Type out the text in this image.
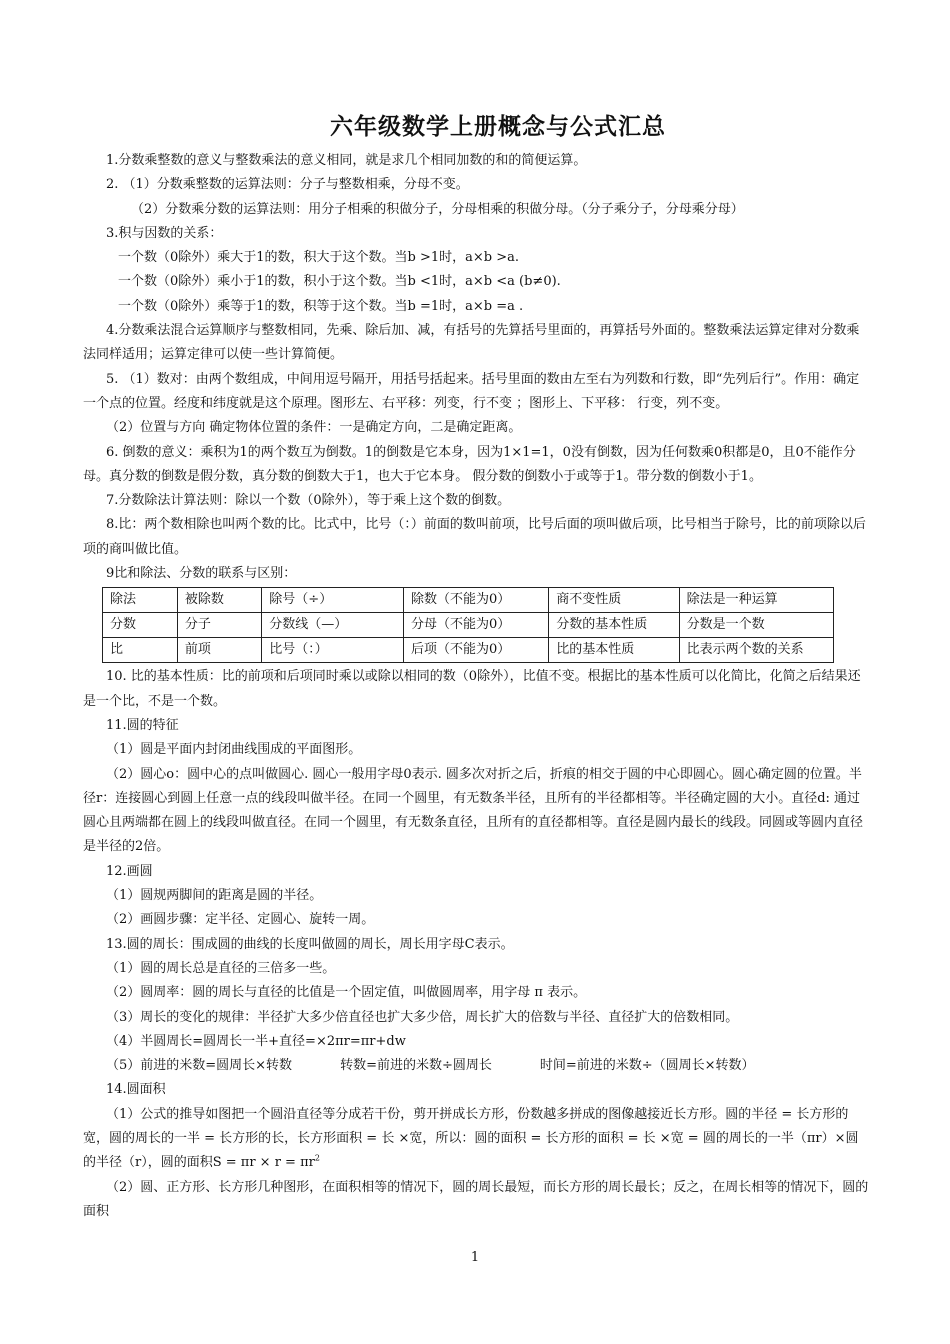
六年级数学上册概念与公式汇总

1.分数乘整数的意义与整数乘法的意义相同，就是求几个相同加数的和的简便运算。

2. （1）分数乘整数的运算法则：分子与整数相乘，分母不变。

（2）分数乘分数的运算法则：用分子相乘的积做分子，分母相乘的积做分母。（分子乘分子，分母乘分母）

3.积与因数的关系：

一个数（0除外）乘大于1的数，积大于这个数。当b >1时，a×b >a.

一个数（0除外）乘小于1的数，积小于这个数。当b <1时，a×b <a (b≠0).

一个数（0除外）乘等于1的数，积等于这个数。当b =1时，a×b =a .

4.分数乘法混合运算顺序与整数相同，先乘、除后加、减，有括号的先算括号里面的，再算括号外面的。整数乘法运算定律对分数乘法同样适用；运算定律可以使一些计算简便。

5. （1）数对：由两个数组成，中间用逗号隔开，用括号括起来。括号里面的数由左至右为列数和行数，即“先列后行”。作用：确定一个点的位置。经度和纬度就是这个原理。图形左、右平移：列变，行不变 ；图形上、下平移： 行变，列不变。

（2）位置与方向 确定物体位置的条件：一是确定方向，二是确定距离。

6. 倒数的意义：乘积为1的两个数互为倒数。1的倒数是它本身，因为1×1=1，0没有倒数，因为任何数乘0积都是0，且0不能作分母。真分数的倒数是假分数，真分数的倒数大于1，也大于它本身。 假分数的倒数小于或等于1。带分数的倒数小于1。

7.分数除法计算法则：除以一个数（0除外），等于乘上这个数的倒数。

8.比：两个数相除也叫两个数的比。比式中，比号（：）前面的数叫前项，比号后面的项叫做后项，比号相当于除号，比的前项除以后项的商叫做比值。

9比和除法、分数的联系与区别：

除法	被除数	除号（÷）	除数（不能为0）	商不变性质	除法是一种运算
分数	分子	分数线（—）	分母（不能为0）	分数的基本性质	分数是一个数
比	前项	比号（：）	后项（不能为0）	比的基本性质	比表示两个数的关系

10. 比的基本性质：比的前项和后项同时乘以或除以相同的数（0除外），比值不变。根据比的基本性质可以化简比，化简之后结果还是一个比，不是一个数。

11.圆的特征

（1）圆是平面内封闭曲线围成的平面图形。

（2）圆心o：圆中心的点叫做圆心. 圆心一般用字母0表示. 圆多次对折之后，折痕的相交于圆的中心即圆心。圆心确定圆的位置。半径r：连接圆心到圆上任意一点的线段叫做半径。在同一个圆里，有无数条半径，且所有的半径都相等。半径确定圆的大小。直径d: 通过圆心且两端都在圆上的线段叫做直径。在同一个圆里，有无数条直径，且所有的直径都相等。直径是圆内最长的线段。同圆或等圆内直径是半径的2倍。

12.画圆

（1）圆规两脚间的距离是圆的半径。

（2）画圆步骤：定半径、定圆心、旋转一周。

13.圆的周长：围成圆的曲线的长度叫做圆的周长，周长用字母C表示。

（1）圆的周长总是直径的三倍多一些。

（2）圆周率：圆的周长与直径的比值是一个固定值，叫做圆周率，用字母 π 表示。

（3）周长的变化的规律：半径扩大多少倍直径也扩大多少倍，周长扩大的倍数与半径、直径扩大的倍数相同。

（4）半圆周长=圆周长一半+直径=×2πr=πr+dw

（5）前进的米数=圆周长×转数	转数=前进的米数÷圆周长	时间=前进的米数÷（圆周长×转数）

14.圆面积

（1）公式的推导如图把一个圆沿直径等分成若干份，剪开拼成长方形，份数越多拼成的图像越接近长方形。圆的半径 = 长方形的宽，圆的周长的一半 = 长方形的长，长方形面积 = 长 ×宽，所以：圆的面积 = 长方形的面积 = 长 ×宽 = 圆的周长的一半（πr）×圆的半径（r），圆的面积$S = \pi r \times r = \pi r^2$

（2）圆、正方形、长方形几种图形，在面积相等的情况下，圆的周长最短，而长方形的周长最长；反之，在周长相等的情况下，圆的面积

1
